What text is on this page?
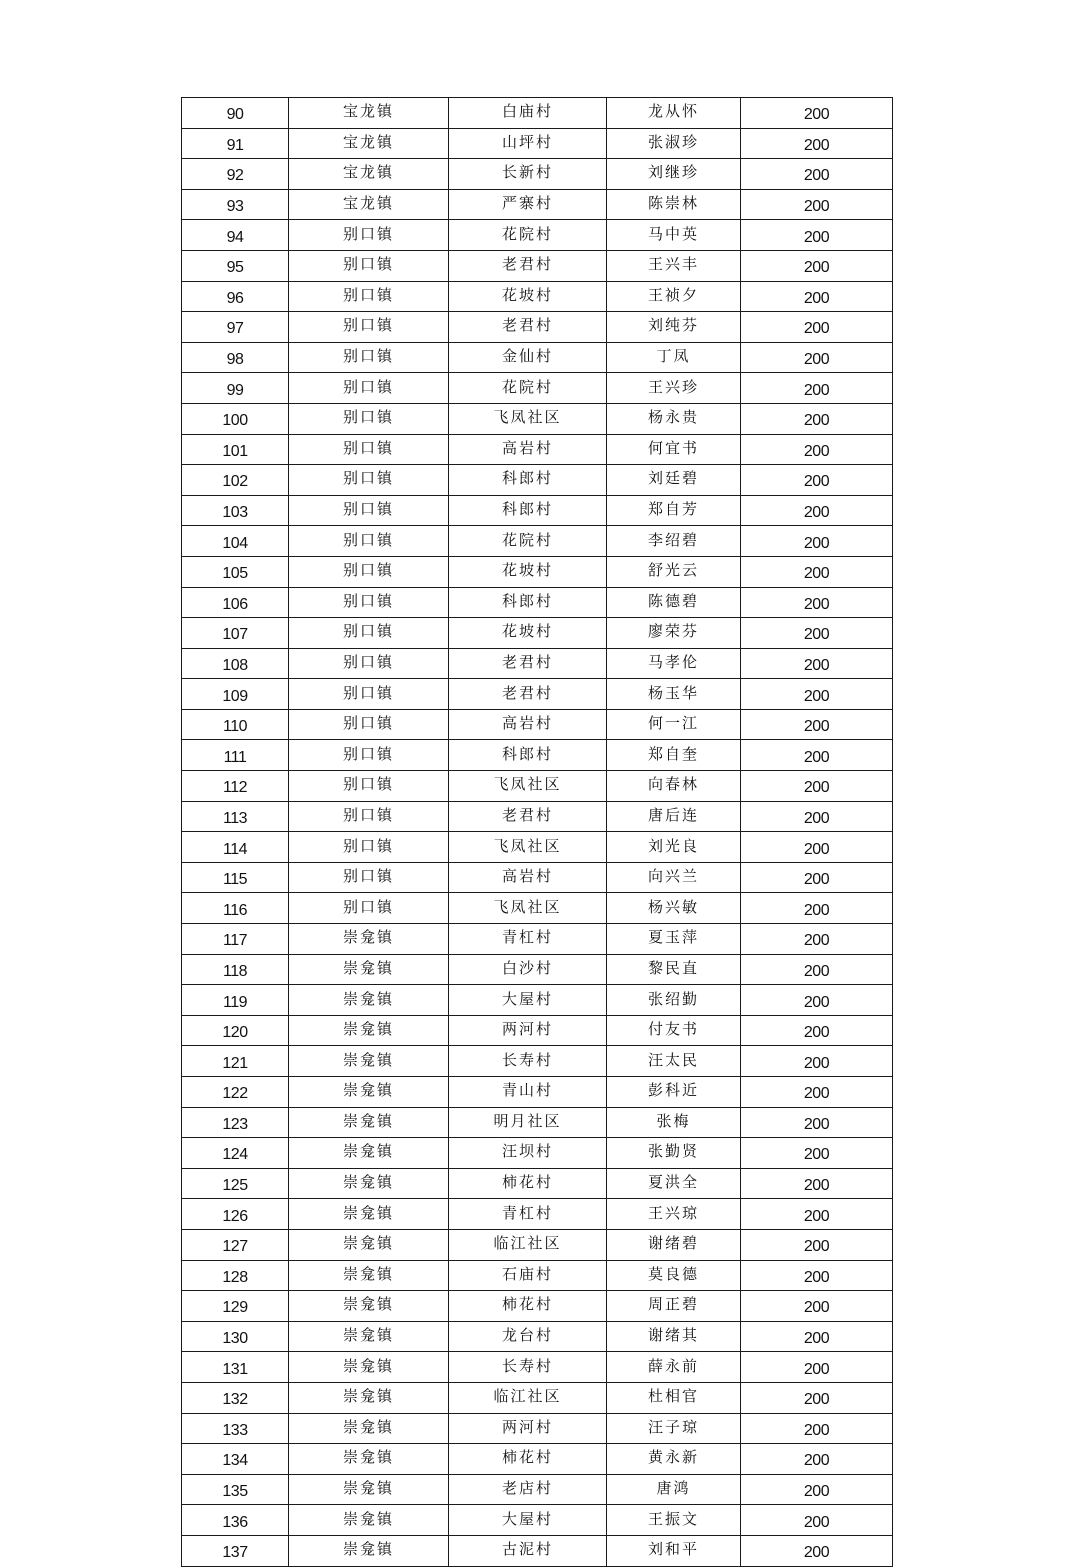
90	宝龙镇	白庙村	龙从怀	200
91	宝龙镇	山坪村	张淑珍	200
92	宝龙镇	长新村	刘继珍	200
93	宝龙镇	严寨村	陈崇林	200
94	别口镇	花院村	马中英	200
95	别口镇	老君村	王兴丰	200
96	别口镇	花坡村	王祯夕	200
97	别口镇	老君村	刘纯芬	200
98	别口镇	金仙村	丁凤	200
99	别口镇	花院村	王兴珍	200
100	别口镇	飞凤社区	杨永贵	200
101	别口镇	高岩村	何宜书	200
102	别口镇	科郎村	刘廷碧	200
103	别口镇	科郎村	郑自芳	200
104	别口镇	花院村	李绍碧	200
105	别口镇	花坡村	舒光云	200
106	别口镇	科郎村	陈德碧	200
107	别口镇	花坡村	廖荣芬	200
108	别口镇	老君村	马孝伦	200
109	别口镇	老君村	杨玉华	200
110	别口镇	高岩村	何一江	200
111	别口镇	科郎村	郑自奎	200
112	别口镇	飞凤社区	向春林	200
113	别口镇	老君村	唐后连	200
114	别口镇	飞凤社区	刘光良	200
115	别口镇	高岩村	向兴兰	200
116	别口镇	飞凤社区	杨兴敏	200
117	崇龛镇	青杠村	夏玉萍	200
118	崇龛镇	白沙村	黎民直	200
119	崇龛镇	大屋村	张绍勤	200
120	崇龛镇	两河村	付友书	200
121	崇龛镇	长寿村	汪太民	200
122	崇龛镇	青山村	彭科近	200
123	崇龛镇	明月社区	张梅	200
124	崇龛镇	汪坝村	张勤贤	200
125	崇龛镇	柿花村	夏洪全	200
126	崇龛镇	青杠村	王兴琼	200
127	崇龛镇	临江社区	谢绪碧	200
128	崇龛镇	石庙村	莫良德	200
129	崇龛镇	柿花村	周正碧	200
130	崇龛镇	龙台村	谢绪其	200
131	崇龛镇	长寿村	薛永前	200
132	崇龛镇	临江社区	杜相官	200
133	崇龛镇	两河村	汪子琼	200
134	崇龛镇	柿花村	黄永新	200
135	崇龛镇	老店村	唐鸿	200
136	崇龛镇	大屋村	王振文	200
137	崇龛镇	古泥村	刘和平	200
